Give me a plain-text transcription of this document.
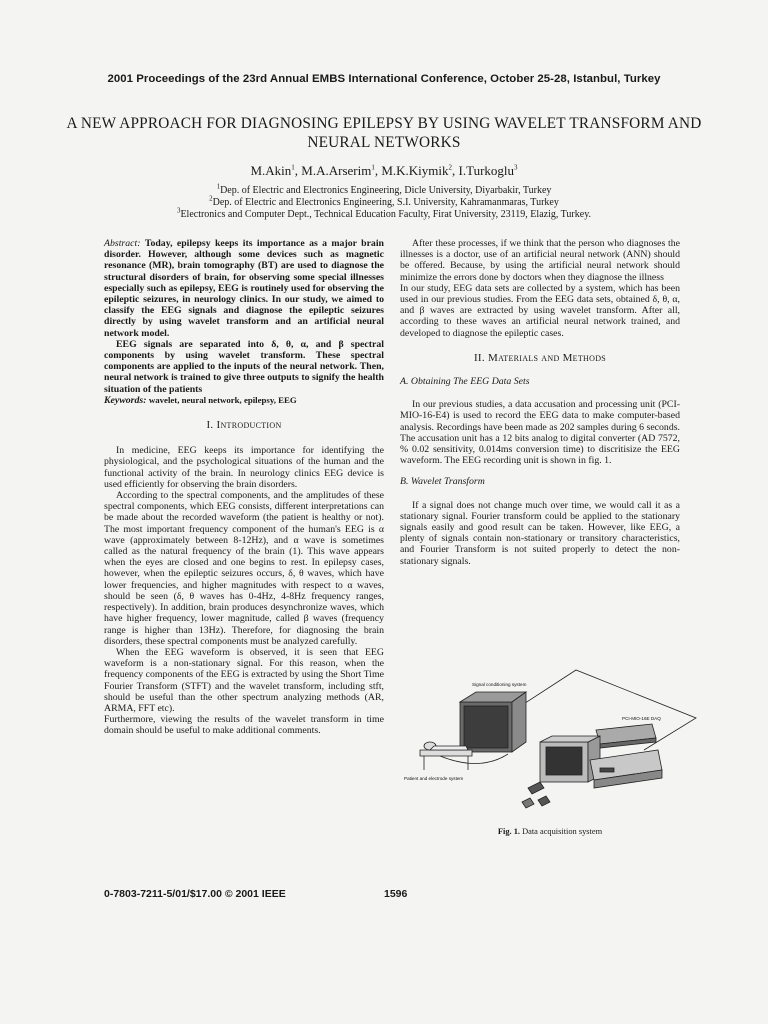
2001 Proceedings of the 23rd Annual EMBS International Conference, October 25-28, Istanbul, Turkey
A NEW APPROACH FOR DIAGNOSING EPILEPSY BY USING WAVELET TRANSFORM AND NEURAL NETWORKS
M.Akin$^1$, M.A.Arserim$^1$, M.K.Kiymik$^2$, I.Turkoglu$^3$
$^1$Dep. of Electric and Electronics Engineering, Dicle University, Diyarbakir, Turkey
$^2$Dep. of Electric and Electronics Engineering, S.I. University, Kahramanmaras, Turkey
$^3$Electronics and Computer Dept., Technical Education Faculty, Firat University, 23119, Elazig, Turkey.

Abstract: Today, epilepsy keeps its importance as a major brain disorder. However, although some devices such as magnetic resonance (MR), brain tomography (BT) are used to diagnose the structural disorders of brain, for observing some special illnesses especially such as epilepsy, EEG is routinely used for observing the epileptic seizures, in neurology clinics. In our study, we aimed to classify the EEG signals and diagnose the epileptic seizures directly by using wavelet transform and an artificial neural network model.

EEG signals are separated into δ, θ, α, and β spectral components by using wavelet transform. These spectral components are applied to the inputs of the neural network. Then, neural network is trained to give three outputs to signify the health situation of the patients

Keywords: wavelet, neural network, epilepsy, EEG

I. Introduction

In medicine, EEG keeps its importance for identifying the physiological, and the psychological situations of the human and the functional activity of the brain. In neurology clinics EEG device is used efficiently for observing the brain disorders.

According to the spectral components, and the amplitudes of these spectral components, which EEG consists, different interpretations can be made about the recorded waveform (the patient is healthy or not). The most important frequency component of the human's EEG is α wave (approximately between 8-12Hz), and α wave is sometimes called as the natural frequency of the brain (1). This wave appears when the eyes are closed and one begins to rest. In epilepsy cases, however, when the epileptic seizures occurs, δ, θ waves, which have lower frequencies, and higher magnitudes with respect to α waves, should be seen (δ, θ waves has 0-4Hz, 4-8Hz frequency ranges, respectively). In addition, brain produces desynchronize waves, which have higher frequency, lower magnitude, called β waves (frequency range is higher than 13Hz). Therefore, for diagnosing the brain disorders, these spectral components must be analyzed carefully.

When the EEG waveform is observed, it is seen that EEG waveform is a non-stationary signal. For this reason, when the frequency components of the EEG is extracted by using the Short Time Fourier Transform (STFT) and the wavelet transform, including stft, should be useful than the other spectrum analyzing methods (AR, ARMA, FFT etc).

Furthermore, viewing the results of the wavelet transform in time domain should be useful to make additional comments.

After these processes, if we think that the person who diagnoses the illnesses is a doctor, use of an artificial neural network (ANN) should be offered. Because, by using the artificial neural network should minimize the errors done by doctors when they diagnose the illness

In our study, EEG data sets are collected by a system, which has been used in our previous studies. From the EEG data sets, obtained δ, θ, α, and β waves are extracted by using wavelet transform. After all, according to these waves an artificial neural network trained, and developed to diagnose the epileptic cases.

II. Materials and Methods

A. Obtaining The EEG Data Sets

In our previous studies, a data accusation and processing unit (PCI-MIO-16-E4) is used to record the EEG data to make computer-based analysis. Recordings have been made as 202 samples during 6 seconds. The accusation unit has a 12 bits analog to digital converter (AD 7572, % 0.02 sensitivity, 0.014ms conversion time) to discritisize the EEG waveform. The EEG recording unit is shown in fig. 1.

B. Wavelet Transform

If a signal does not change much over time, we would call it as a stationary signal. Fourier transform could be applied to the stationary signals easily and good result can be taken. However, like EEG, a plenty of signals contain non-stationary or transitory characteristics, and Fourier Transform is not suited properly to detect the non-stationary signals.

Signal conditioning system
PCI-MIO-16E DAQ
Patient and electrode system
Fig. 1. Data acquisition system
0-7803-7211-5/01/$17.00 © 2001 IEEE	1596
